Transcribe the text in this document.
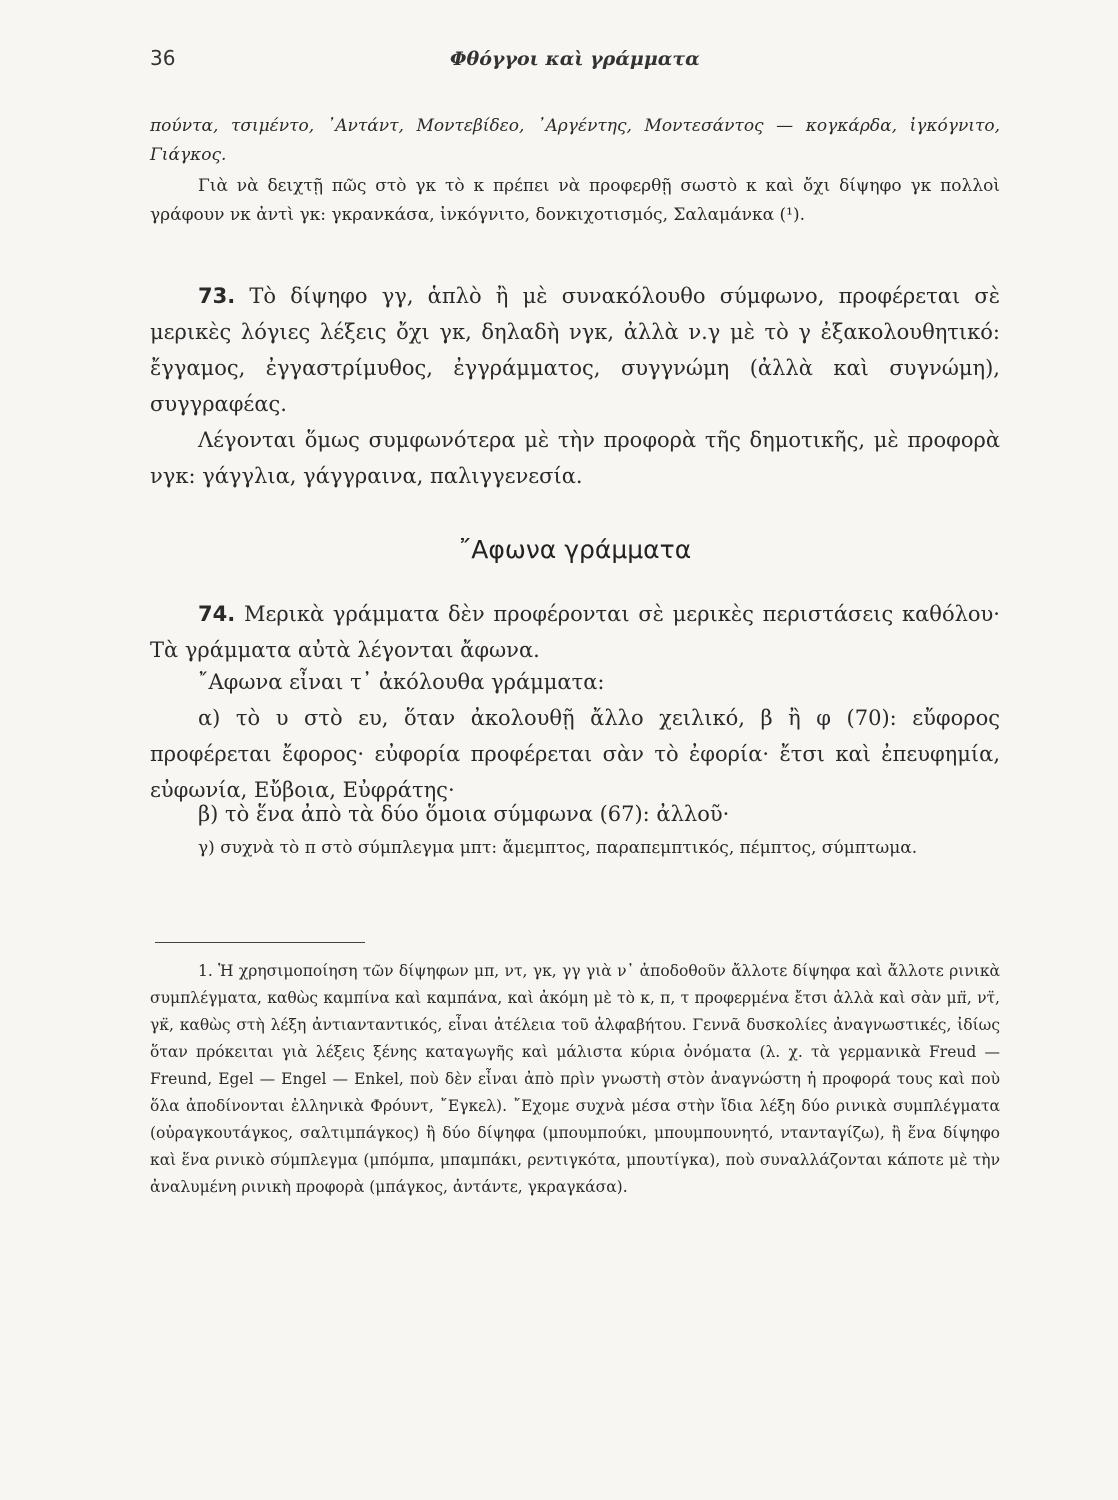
36	Φθόγγοι καὶ γράμματα
πούντα, τσιμέντο, ᾿Αντάντ, Μοντεβίδεο, ᾿Αργέντης, Μοντεσάντος — κογκάρδα, ἰγκόγνιτο, Γιάγκος.
Γιὰ νὰ δειχτῇ πῶς στὸ γκ τὸ κ πρέπει νὰ προφερθῇ σωστὸ κ καὶ ὄχι δίψηφο γκ πολλοὶ γράφουν νκ ἀντὶ γκ: γκρανκάσα, ἰνκόγνιτο, δονκιχοτισμός, Σαλαμάνκα (¹).
73. Τὸ δίψηφο γγ, ἁπλὸ ἢ μὲ συνακόλουθο σύμφωνο, προφέρεται σὲ μερικὲς λόγιες λέξεις ὄχι γκ, δηλαδὴ νγκ, ἀλλὰ ν.γ μὲ τὸ γ ἐξακολουθητικό: ἔγγαμος, ἐγγαστρίμυθος, ἐγγράμματος, συγγνώμη (ἀλλὰ καὶ συγνώμη), συγγραφέας.
Λέγονται ὅμως συμφωνότερα μὲ τὴν προφορὰ τῆς δημοτικῆς, μὲ προφορὰ νγκ: γάγγλια, γάγγραινα, παλιγγενεσία.
῎Αφωνα γράμματα
74. Μερικὰ γράμματα δὲν προφέρονται σὲ μερικὲς περιστάσεις καθόλου· Τὰ γράμματα αὐτὰ λέγονται ἄφωνα.
῎Αφωνα εἶναι τ᾿ ἀκόλουθα γράμματα:
α) τὸ υ στὸ ευ, ὅταν ἀκολουθῇ ἄλλο χειλικό, β ἢ φ (70): εὔφορος προφέρεται ἔφορος· εὐφορία προφέρεται σὰν τὸ ἐφορία· ἔτσι καὶ ἐπευφημία, εὐφωνία, Εὔβοια, Εὐφράτης·
β) τὸ ἕνα ἀπὸ τὰ δύο ὅμοια σύμφωνα (67): ἀλλοῦ·
γ) συχνὰ τὸ π στὸ σύμπλεγμα μπτ: ἄμεμπτος, παραπεμπτικός, πέμπτος, σύμπτωμα.
1. Ἡ χρησιμοποίηση τῶν δίψηφων μπ, ντ, γκ, γγ γιὰ ν᾿ ἀποδοθοῦν ἄλλοτε δίψηφα καὶ ἄλλοτε ρινικὰ συμπλέγματα, καθὼς καμπίνα καὶ καμπάνα, καὶ ἀκόμη μὲ τὸ κ, π, τ προφερμένα ἔτσι ἀλλὰ καὶ σὰν μπ̈, ντ̈, γκ̈, καθὼς στὴ λέξη ἀντιανταντικός, εἶναι ἀτέλεια τοῦ ἀλφαβήτου. Γεννᾶ δυσκολίες ἀναγνωστικές, ἰδίως ὅταν πρόκειται γιὰ λέξεις ξένης καταγωγῆς καὶ μάλιστα κύρια ὀνόματα (λ. χ. τὰ γερμανικὰ Freud — Freund, Egel — Engel — Enkel, ποὺ δὲν εἶναι ἀπὸ πρὶν γνωστὴ στὸν ἀναγνώστη ἡ προφορά τους καὶ ποὺ ὅλα ἀποδίνονται ἑλληνικὰ Φρόυντ, ῎Εγκελ). ῎Εχομε συχνὰ μέσα στὴν ἴδια λέξη δύο ρινικὰ συμπλέγματα (οὐραγκουτάγκος, σαλτιμπάγκος) ἢ δύο δίψηφα (μπουμπούκι, μπουμπουνητό, ντανταγίζω), ἢ ἕνα δίψηφο καὶ ἕνα ρινικὸ σύμπλεγμα (μπόμπα, μπαμπάκι, ρεντιγκότα, μπουτίγκα), ποὺ συναλλάζονται κάποτε μὲ τὴν ἀναλυμένη ρινικὴ προφορὰ (μπάγκος, ἀντάντε, γκραγκάσα).
